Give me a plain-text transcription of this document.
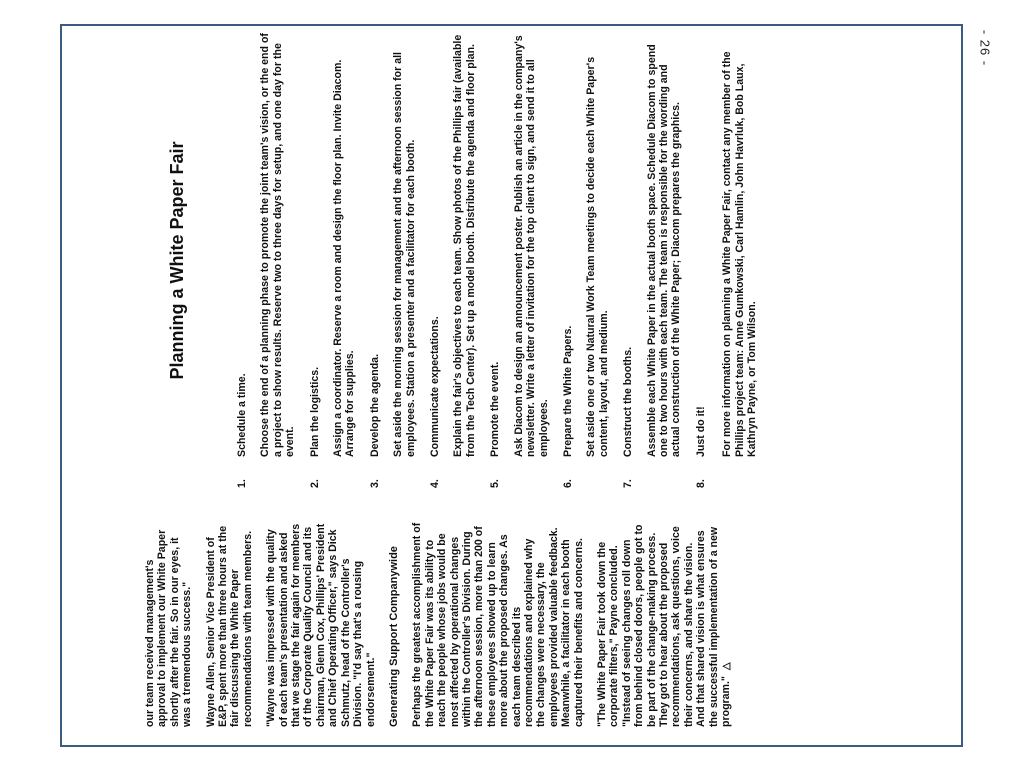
- 26 -

our team received management's approval to implement our White Paper shortly after the fair. So in our eyes, it was a tremendous success." Wayne Allen, Senior Vice President of E&P, spent more than three hours at the fair discussing the White Paper recommendations with team members. "Wayne was impressed with the quality of each team's presentation and asked that we stage the fair again for members of the Corporate Quality Council and its chairman, Glenn Cox, Phillips' President and Chief Operating Officer," says Dick Schmutz, head of the Controller's Division. "I'd say that's a rousing endorsement." Generating Support Companywide Perhaps the greatest accomplishment of the White Paper Fair was its ability to reach the people whose jobs would be most affected by operational changes within the Controller's Division. During the afternoon session, more than 200 of these employees showed up to learn more about the proposed changes. As each team described its recommendations and explained why the changes were necessary, the employees provided valuable feedback. Meanwhile, a facilitator in each booth captured their benefits and concerns. "The White Paper Fair took down the corporate filters," Payne concluded. "Instead of seeing changes roll down from behind closed doors, people got to be part of the change-making process. They got to hear about the proposed recommendations, ask questions, voice their concerns, and share the vision. And that shared vision is what ensures the successful implementation of a new program."△

Planning a White Paper Fair
1.
Schedule a time. Choose the end of a planning phase to promote the joint team's vision, or the end of a project to show results. Reserve two to three days for setup, and one day for the event.
2.
Plan the logistics. Assign a coordinator. Reserve a room and design the floor plan. Invite Diacom. Arrange for supplies.
3.
Develop the agenda. Set aside the morning session for management and the afternoon session for all employees. Station a presenter and a facilitator for each booth.
4.
Communicate expectations. Explain the fair's objectives to each team. Show photos of the Phillips fair (available from the Tech Center). Set up a model booth. Distribute the agenda and floor plan.
5.
Promote the event. Ask Diacom to design an announcement poster. Publish an article in the company's newsletter. Write a letter of invitation for the top client to sign, and send it to all employees.
6.
Prepare the White Papers. Set aside one or two Natural Work Team meetings to decide each White Paper's content, layout, and medium.
7.
Construct the booths. Assemble each White Paper in the actual booth space. Schedule Diacom to spend one to two hours with each team. The team is responsible for the wording and actual construction of the White Paper; Diacom prepares the graphics.
8.
Just do it! For more information on planning a White Paper Fair, contact any member of the Phillips project team: Anne Gumkowski, Carl Hamlin, John Havrluk, Bob Laux, Kathryn Payne, or Tom Wilson.
